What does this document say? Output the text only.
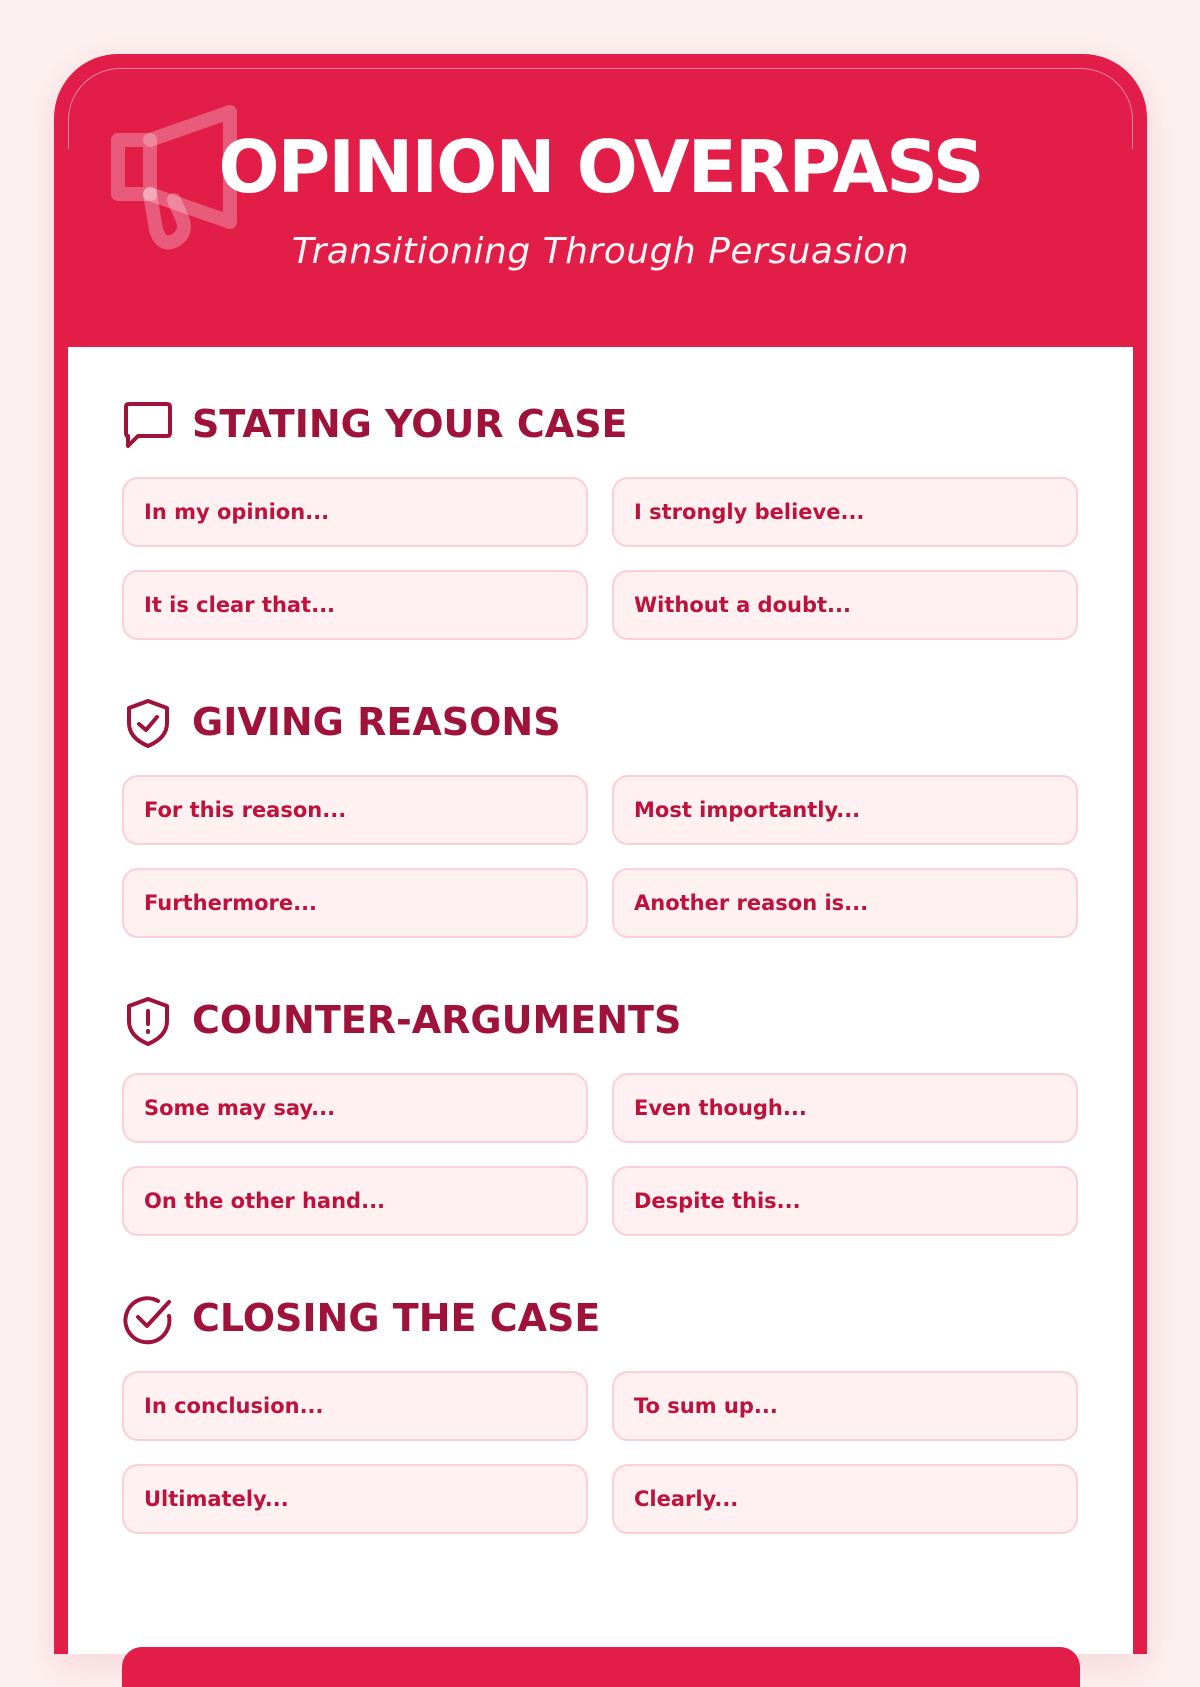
OPINION OVERPASS

Transitioning Through Persuasion

STATING YOUR CASE
In my opinion...	I strongly believe...
It is clear that...	Without a doubt...
GIVING REASONS
For this reason...	Most importantly...
Furthermore...	Another reason is...
COUNTER-ARGUMENTS
Some may say...	Even though...
On the other hand...	Despite this...
CLOSING THE CASE
In conclusion...	To sum up...
Ultimately...	Clearly...
